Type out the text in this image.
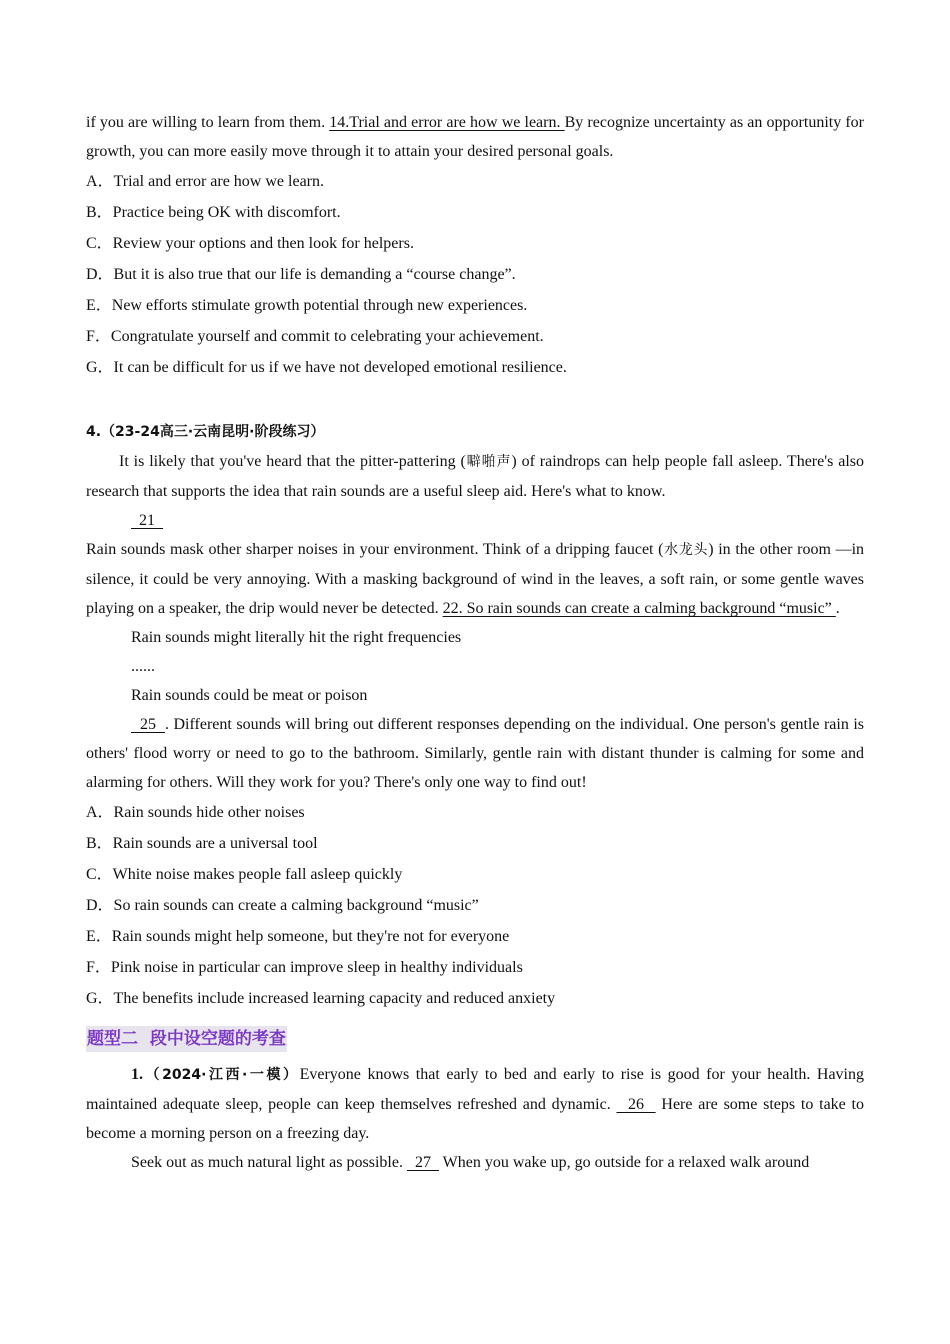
if you are willing to learn from them. 14.Trial and error are how we learn. By recognize uncertainty as an opportunity for growth, you can more easily move through it to attain your desired personal goals.

A．Trial and error are how we learn.

B．Practice being OK with discomfort.

C．Review your options and then look for helpers.

D．But it is also true that our life is demanding a “course change”.

E．New efforts stimulate growth potential through new experiences.

F．Congratulate yourself and commit to celebrating your achievement.

G．It can be difficult for us if we have not developed emotional resilience.

4.（23-24高三·云南昆明·阶段练习）

It is likely that you've heard that the pitter-pattering (噼啪声) of raindrops can help people fall asleep. There's also research that supports the idea that rain sounds are a useful sleep aid. Here's what to know.

21

Rain sounds mask other sharper noises in your environment. Think of a dripping faucet (水龙头) in the other room —in silence, it could be very annoying. With a masking background of wind in the leaves, a soft rain, or some gentle waves playing on a speaker, the drip would never be detected. 22. So rain sounds can create a calming background “music” .

Rain sounds might literally hit the right frequencies

......

Rain sounds could be meat or poison

25  . Different sounds will bring out different responses depending on the individual. One person's gentle rain is others' flood worry or need to go to the bathroom. Similarly, gentle rain with distant thunder is calming for some and alarming for others. Will they work for you? There's only one way to find out!

A．Rain sounds hide other noises

B．Rain sounds are a universal tool

C．White noise makes people fall asleep quickly

D．So rain sounds can create a calming background “music”

E．Rain sounds might help someone, but they're not for everyone

F．Pink noise in particular can improve sleep in healthy individuals

G．The benefits include increased learning capacity and reduced anxiety

题型二  段中设空题的考查

1.（2024·江西·一模）Everyone knows that early to bed and early to rise is good for your health. Having maintained adequate sleep, people can keep themselves refreshed and dynamic.   26   Here are some steps to take to become a morning person on a freezing day.

Seek out as much natural light as possible.   27   When you wake up, go outside for a relaxed walk around
